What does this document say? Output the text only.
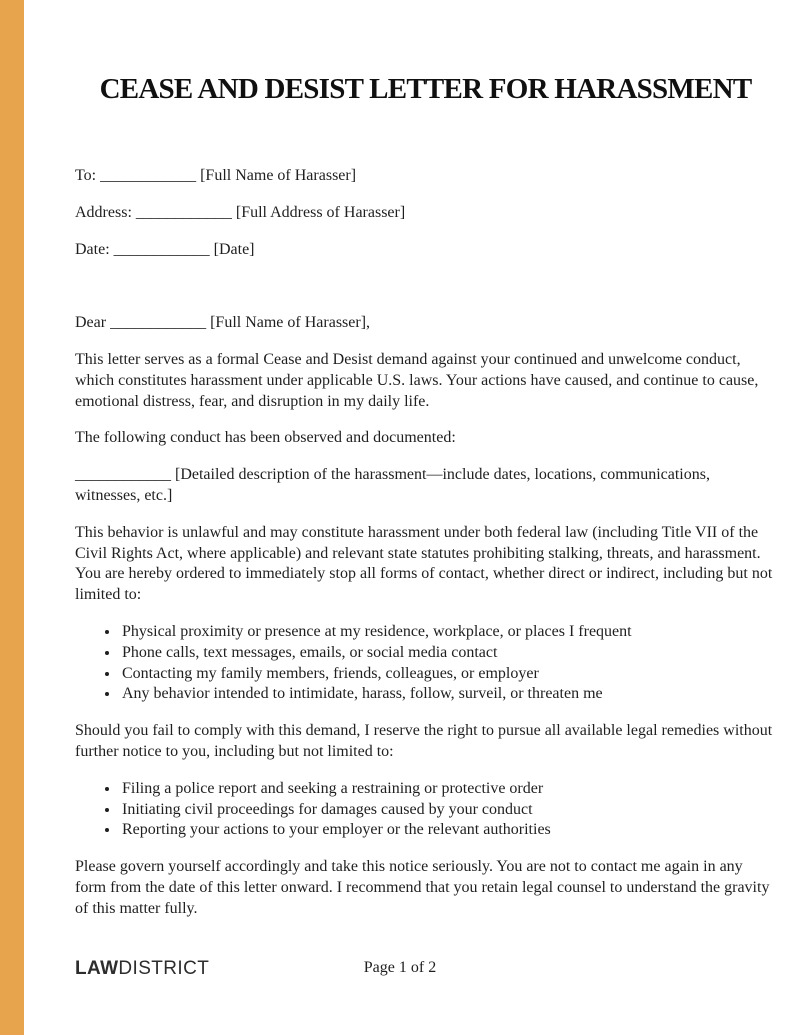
CEASE AND DESIST LETTER FOR HARASSMENT

To: ____________ [Full Name of Harasser]

Address: ____________ [Full Address of Harasser]

Date: ____________ [Date]

Dear ____________ [Full Name of Harasser],

This letter serves as a formal Cease and Desist demand against your continued and unwelcome conduct, which constitutes harassment under applicable U.S. laws. Your actions have caused, and continue to cause, emotional distress, fear, and disruption in my daily life.

The following conduct has been observed and documented:

____________ [Detailed description of the harassment—include dates, locations, communications, witnesses, etc.]

This behavior is unlawful and may constitute harassment under both federal law (including Title VII of the Civil Rights Act, where applicable) and relevant state statutes prohibiting stalking, threats, and harassment. You are hereby ordered to immediately stop all forms of contact, whether direct or indirect, including but not limited to:

• Physical proximity or presence at my residence, workplace, or places I frequent
• Phone calls, text messages, emails, or social media contact
• Contacting my family members, friends, colleagues, or employer
• Any behavior intended to intimidate, harass, follow, surveil, or threaten me

Should you fail to comply with this demand, I reserve the right to pursue all available legal remedies without further notice to you, including but not limited to:

• Filing a police report and seeking a restraining or protective order
• Initiating civil proceedings for damages caused by your conduct
• Reporting your actions to your employer or the relevant authorities

Please govern yourself accordingly and take this notice seriously. You are not to contact me again in any form from the date of this letter onward. I recommend that you retain legal counsel to understand the gravity of this matter fully.

LAWDISTRICT	Page 1 of 2
